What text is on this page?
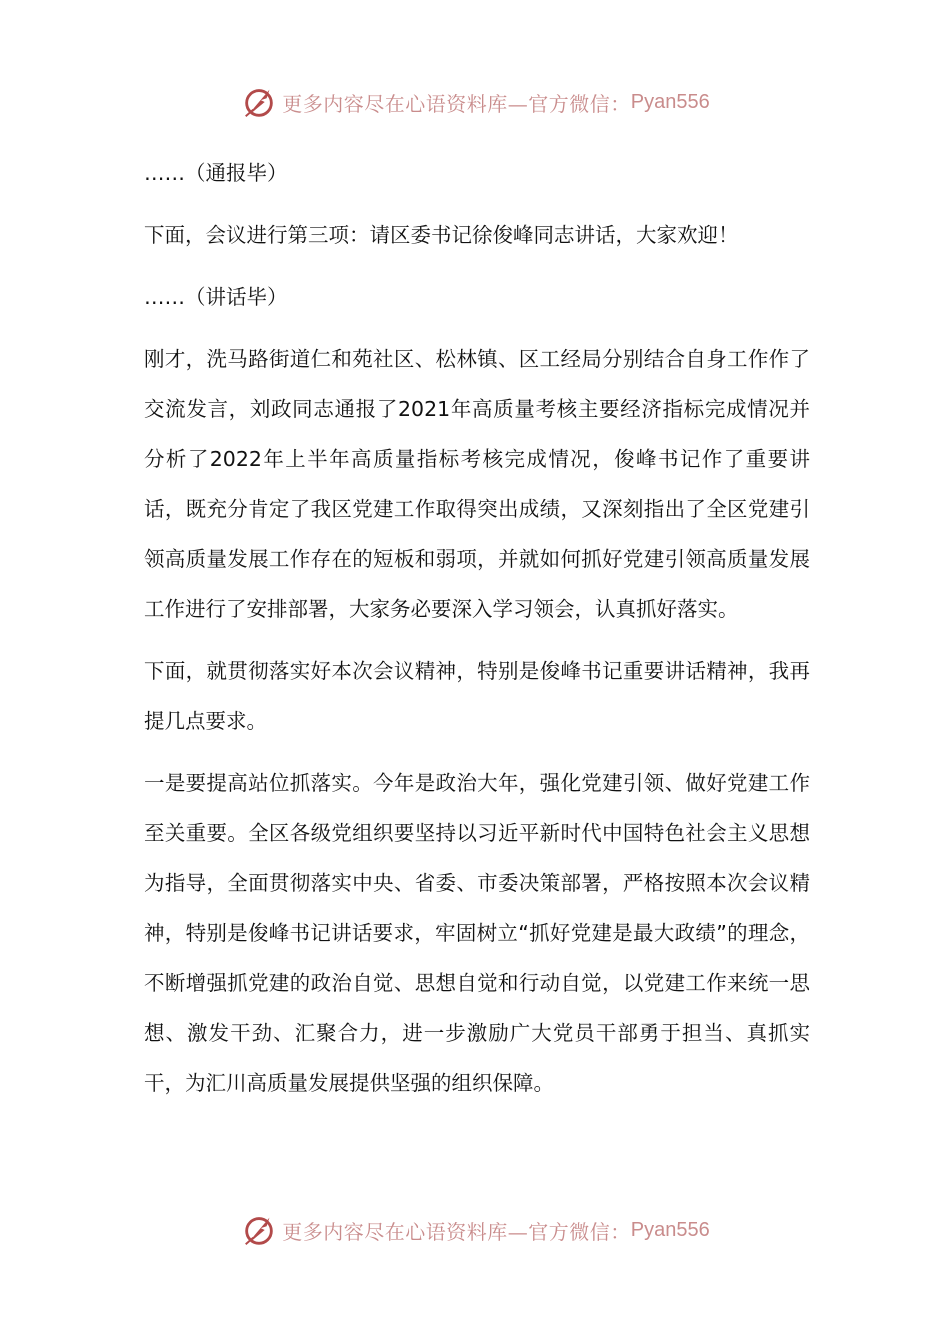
更多内容尽在心语资料库—官方微信： Pyan556

……（通报毕）

下面，会议进行第三项：请区委书记徐俊峰同志讲话，大家欢迎！

……（讲话毕）

刚才，洗马路街道仁和苑社区、松林镇、区工经局分别结合自身工作作了交流发言，刘政同志通报了2021年高质量考核主要经济指标完成情况并分析了2022年上半年高质量指标考核完成情况，俊峰书记作了重要讲话，既充分肯定了我区党建工作取得突出成绩，又深刻指出了全区党建引领高质量发展工作存在的短板和弱项，并就如何抓好党建引领高质量发展工作进行了安排部署，大家务必要深入学习领会，认真抓好落实。

下面，就贯彻落实好本次会议精神，特别是俊峰书记重要讲话精神，我再提几点要求。

一是要提高站位抓落实。今年是政治大年，强化党建引领、做好党建工作至关重要。全区各级党组织要坚持以习近平新时代中国特色社会主义思想为指导，全面贯彻落实中央、省委、市委决策部署，严格按照本次会议精神，特别是俊峰书记讲话要求，牢固树立“抓好党建是最大政绩”的理念，不断增强抓党建的政治自觉、思想自觉和行动自觉，以党建工作来统一思想、激发干劲、汇聚合力，进一步激励广大党员干部勇于担当、真抓实干，为汇川高质量发展提供坚强的组织保障。

更多内容尽在心语资料库—官方微信： Pyan556
